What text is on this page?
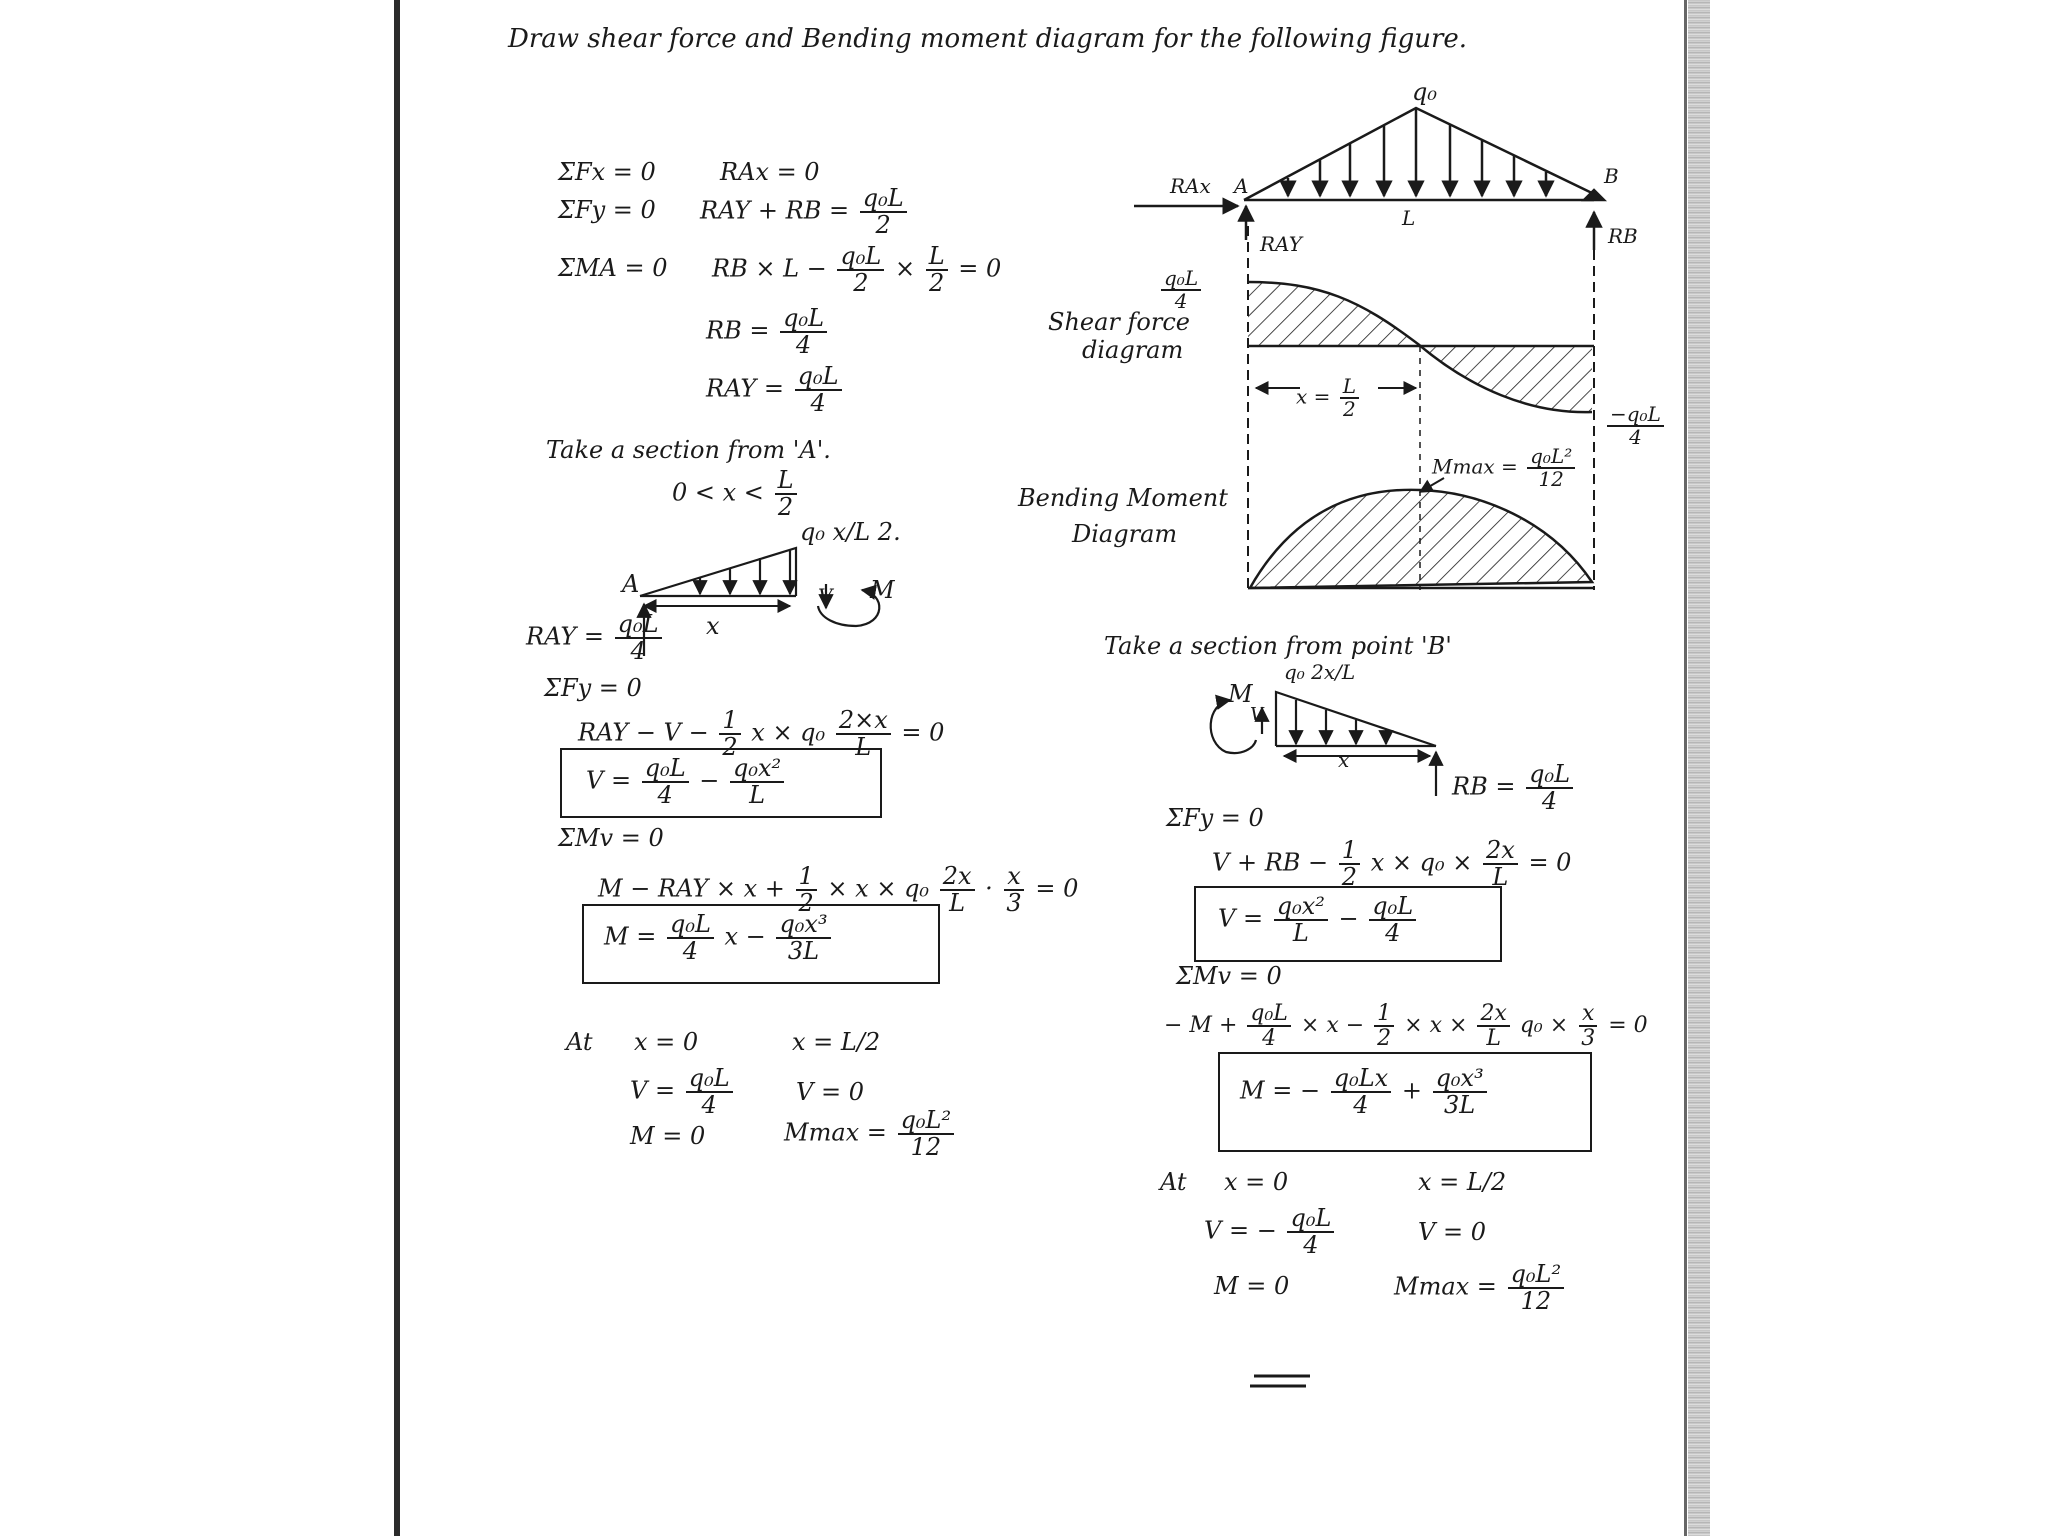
Draw shear force and Bending moment diagram for the following figure.
ΣFx = 0	RAx = 0
ΣFy = 0 RAY + RB = $\frac{\text{q₀L}}{2}$
ΣMA = 0 RB × $L - \frac{\text{q₀L}}{2} \times \frac{L}{2} = 0$
RB = $\frac{\text{q₀L}}{4}$
RAY = $\frac{\text{q₀L}}{4}$
Take a section from 'A'.
$0 < x < \frac{L}{2}$
q₀ x/L 2.
A
x
M
V
RAY = $\frac{\text{q₀L}}{4}$
ΣFy = 0
RAY − $V - \frac{1}{2}$ $x \times q_0 \frac{2\times x}{L} = 0$
$V = \frac{\text{q₀L}}{4} - \frac{\text{q₀x²}}{L}$
ΣMv = 0
M − RAY × $x + \frac{1}{2} \times x \times q_0 \frac{2x}{L} \cdot \frac{x}{3} = 0$
$M = \frac{\text{q₀L}}{4}$ $x - \frac{\text{q₀x³}}{3L}$
At x = 0	x = L/2
$V = \frac{\text{q₀L}}{4}$	V = 0
M = 0	$Mmax = \frac{\text{q₀L²}}{12}$
q₀
RAx A	B
L
RAY	RB
$\frac{\text{q₀L}}{4}$
Shear force
diagram
$x = \frac{L}{2}$
$\frac{\text{−q₀L}}{4}$
$Mmax = \frac{\text{q₀L²}}{12}$
Bending Moment
Diagram
Take a section from point 'B'
q₀ 2x/L
M
V
x
RB = $\frac{\text{q₀L}}{4}$
ΣFy = 0
V + RB − $\frac{1}{2}$ $x \times q_0 \times \frac{2x}{L} = 0$
$V = \frac{\text{q₀x²}}{L} - \frac{\text{q₀L}}{4}$
ΣMv = 0
− $M + \frac{\text{q₀L}}{4} \times x - \frac{1}{2} \times x \times \frac{2x}{L} q_0 \times \frac{x}{3} = 0$
M = − $\frac{\text{q₀Lx}}{4} + \frac{\text{q₀x³}}{3L}$
At x = 0	x = L/2
V = − $\frac{\text{q₀L}}{4}$	V = 0
M = 0	$Mmax = \frac{\text{q₀L²}}{12}$
